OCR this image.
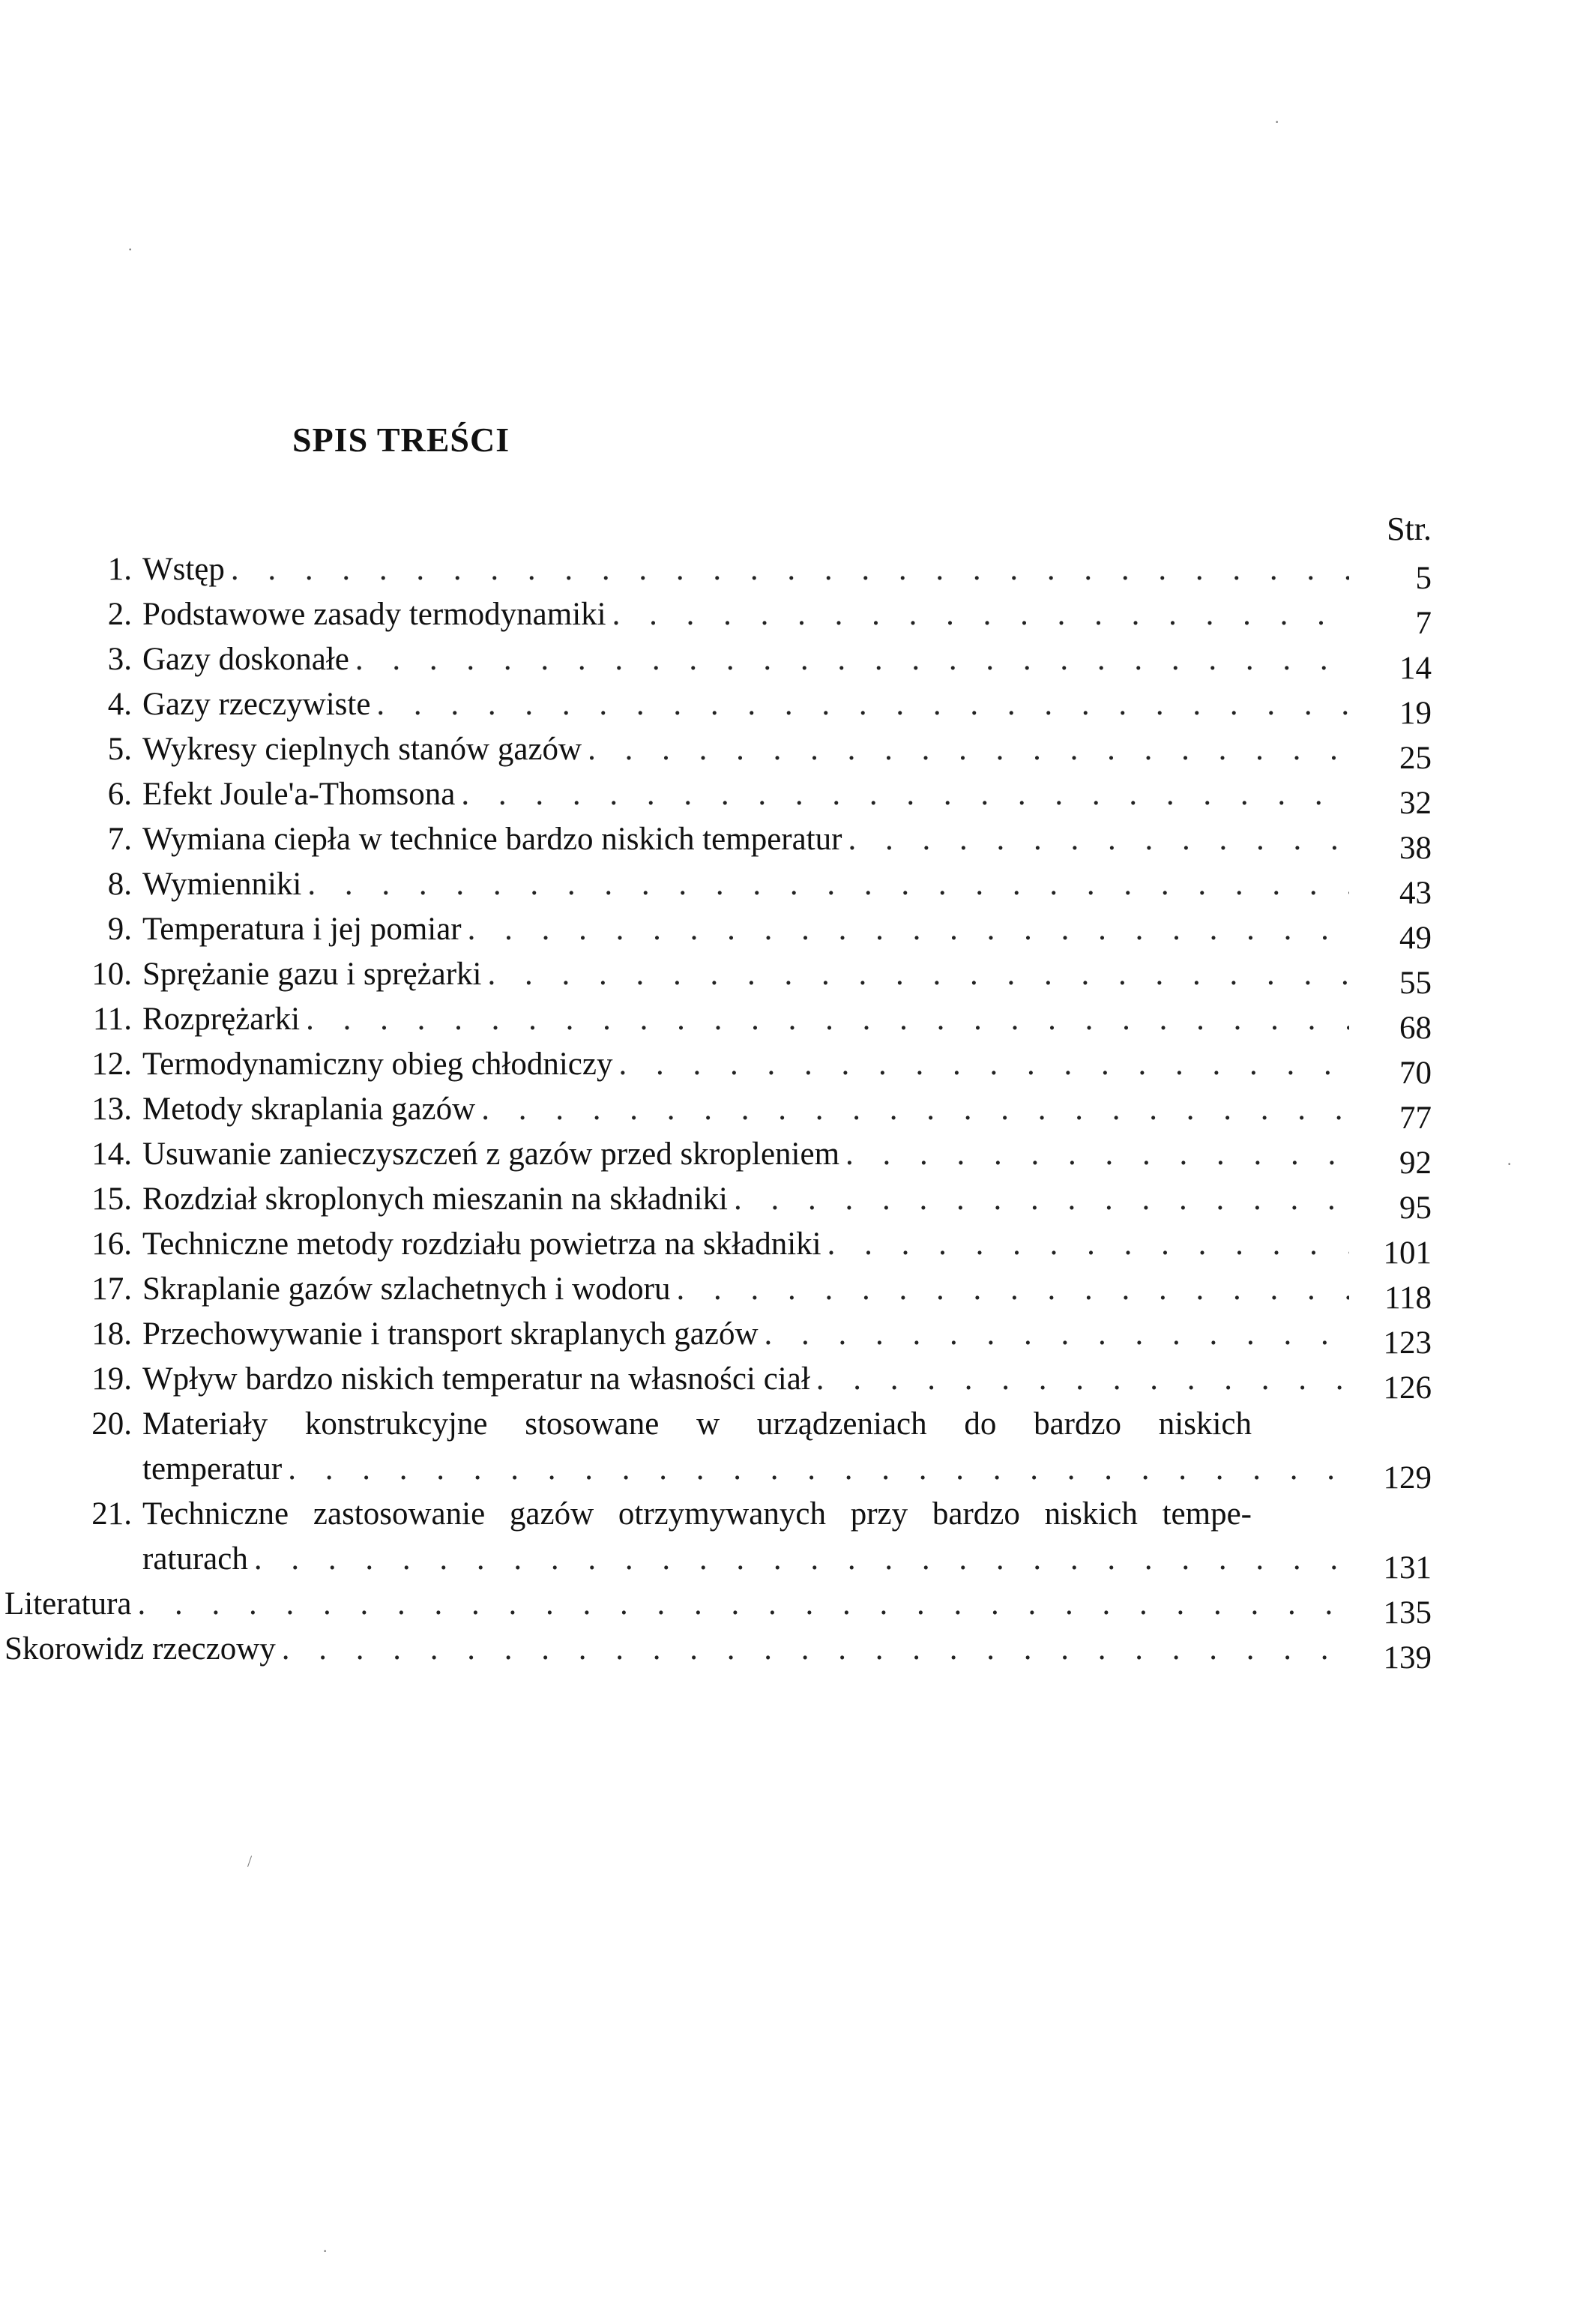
SPIS TREŚCI
Str.
1. Wstęp . . .	5
2. Podstawowe zasady termodynamiki . . .	7
3. Gazy doskonałe . . .	14
4. Gazy rzeczywiste . . .	19
5. Wykresy cieplnych stanów gazów . . .	25
6. Efekt Joule'a-Thomsona . . .	32
7. Wymiana ciepła w technice bardzo niskich temperatur . . .	38
8. Wymienniki . . .	43
9. Temperatura i jej pomiar . . .	49
10. Sprężanie gazu i sprężarki . . .	55
11. Rozprężarki . . .	68
12. Termodynamiczny obieg chłodniczy . . .	70
13. Metody skraplania gazów . . .	77
14. Usuwanie zanieczyszczeń z gazów przed skropleniem . . .	92
15. Rozdział skroplonych mieszanin na składniki . . .	95
16. Techniczne metody rozdziału powietrza na składniki . . .	101
17. Skraplanie gazów szlachetnych i wodoru . . .	118
18. Przechowywanie i transport skraplanych gazów . . .	123
19. Wpływ bardzo niskich temperatur na własności ciał . . .	126
20. Materiały konstrukcyjne stosowane w urządzeniach do bardzo niskich
temperatur . . .	129
21. Techniczne zastosowanie gazów otrzymywanych przy bardzo niskich tempe-
raturach . . .	131
Literatura . . .	135
Skorowidz rzeczowy . . .	139
·
·
/
·
·
